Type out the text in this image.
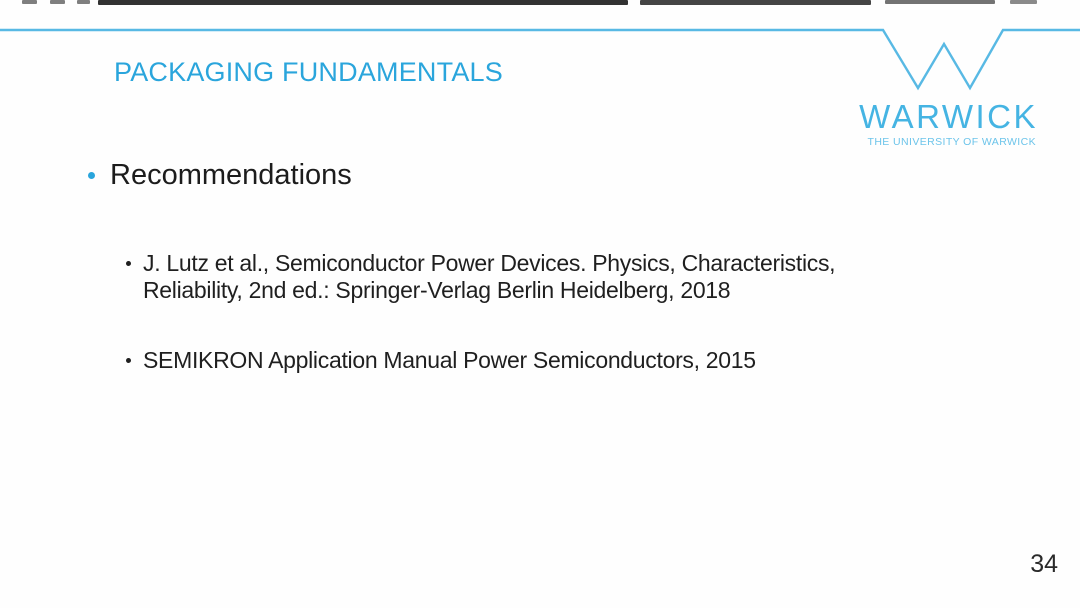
PACKAGING FUNDAMENTALS
WARWICK
THE UNIVERSITY OF WARWICK
Recommendations
J. Lutz et al., Semiconductor Power Devices. Physics, Characteristics,
Reliability, 2nd ed.: Springer-Verlag Berlin Heidelberg, 2018
SEMIKRON Application Manual Power Semiconductors, 2015
34
